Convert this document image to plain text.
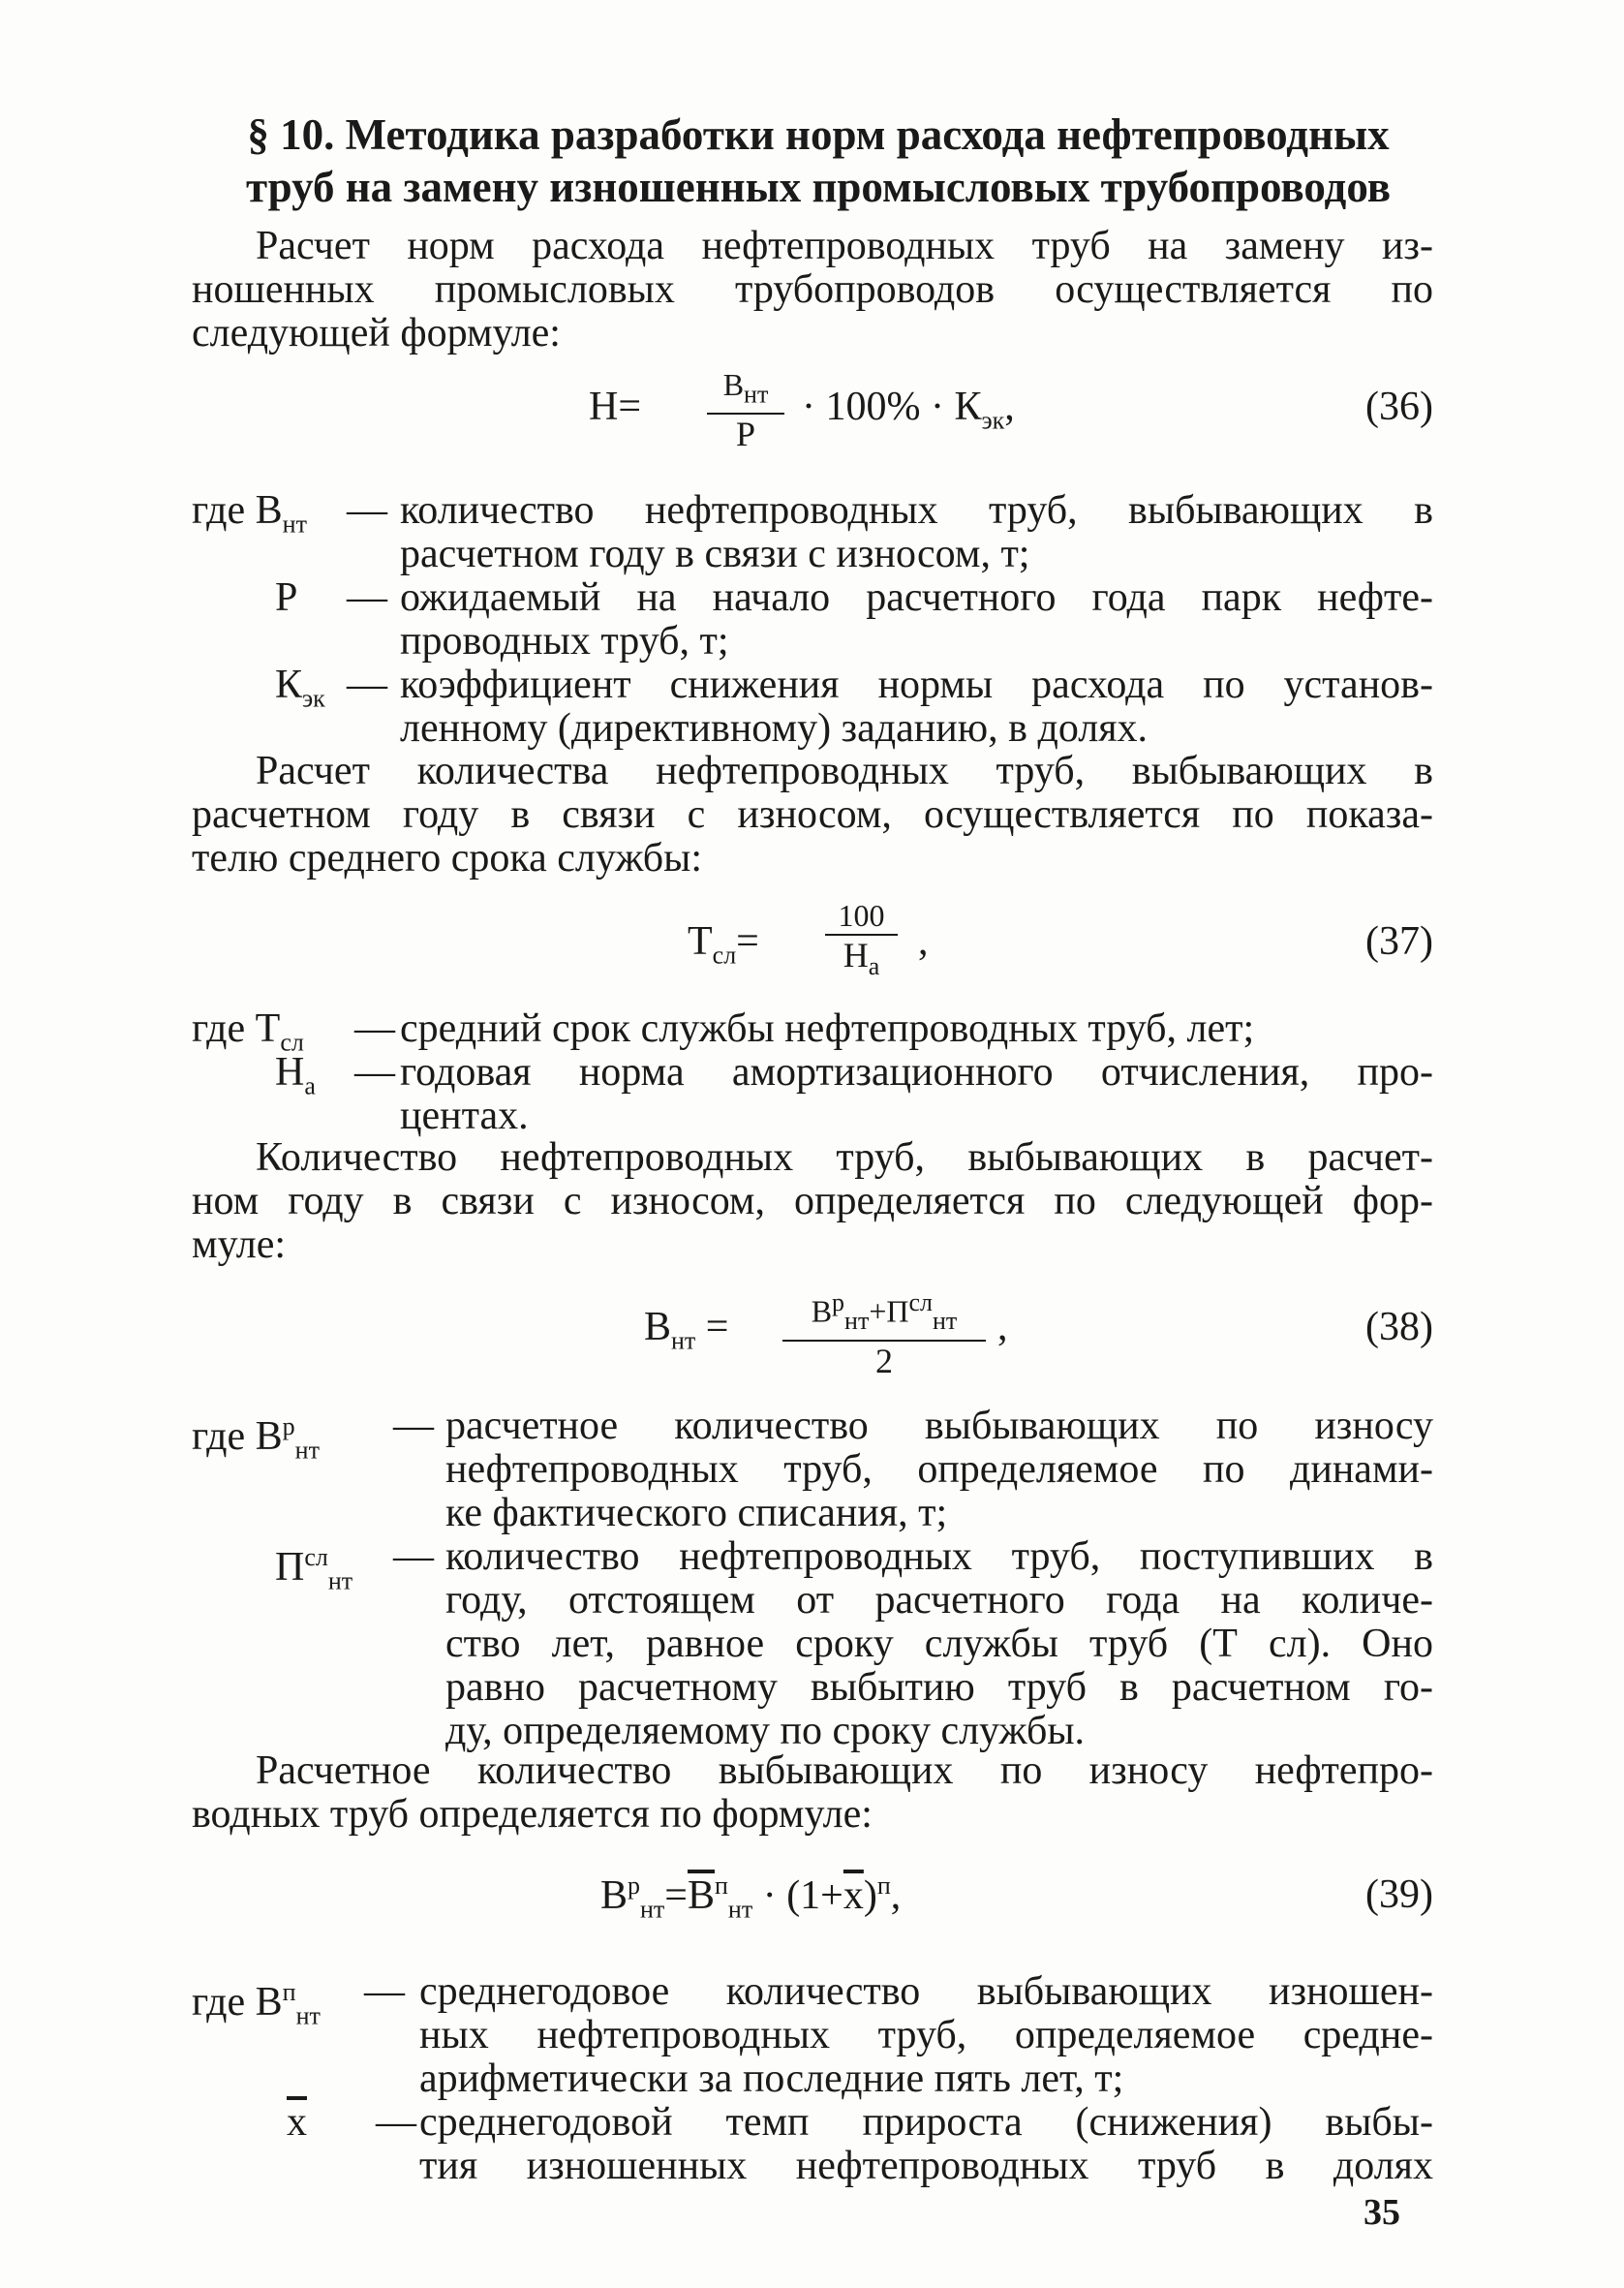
§ 10. Методика разработки норм расхода нефтепроводных
труб на замену изношенных промысловых трубопроводов
Расчет норм расхода нефтепроводных труб на замену из-
ношенных промысловых трубопроводов осуществляется по
следующей формуле:
Н=	$В_{нт}$
Р
· $100\% \cdot К_{эк}$,	(36)
где $В_{нт}$ — количество нефтепроводных труб, выбывающих в
расчетном году в связи с износом, т;
Р — ожидаемый на начало расчетного года парк нефте-
проводных труб, т;
$К_{эк}$ — коэффициент снижения нормы расхода по установ-
ленному (директивному) заданию, в долях.
Расчет количества нефтепроводных труб, выбывающих в
расчетном году в связи с износом, осуществляется по показа-
телю среднего срока службы:
$Т_{сл}=$
100
$Н_а$
,	(37)
где $Т_{сл}$ — средний срок службы нефтепроводных труб, лет;
$Н_а$ — годовая норма амортизационного отчисления, про-
центах.
Количество нефтепроводных труб, выбывающих в расчет-
ном году в связи с износом, определяется по следующей фор-
муле:
$В_{нт}$ =	$В^р_{нт}+П^{сл}_{нт}$
2
,	(38)
где $В^р_{нт}$
— расчетное количество выбывающих по износу
нефтепроводных труб, определяемое по динами-
ке фактического списания, т;
$П^{сл}_{нт}$
— количество нефтепроводных труб, поступивших в
году, отстоящем от расчетного года на количе-
ство лет, равное сроку службы труб (Т сл). Оно
равно расчетному выбытию труб в расчетном го-
ду, определяемому по сроку службы.
Расчетное количество выбывающих по износу нефтепро-
водных труб определяется по формуле:
$В^р_{нт}=В^п_{нт} \cdot (1+х)^п$,	(39)
где $В^п_{нт}$
— среднегодовое количество выбывающих изношен-
ных нефтепроводных труб, определяемое средне-
арифметически за последние пять лет, т;
х — среднегодовой темп прироста (снижения) выбы-
тия изношенных нефтепроводных труб в долях
35
